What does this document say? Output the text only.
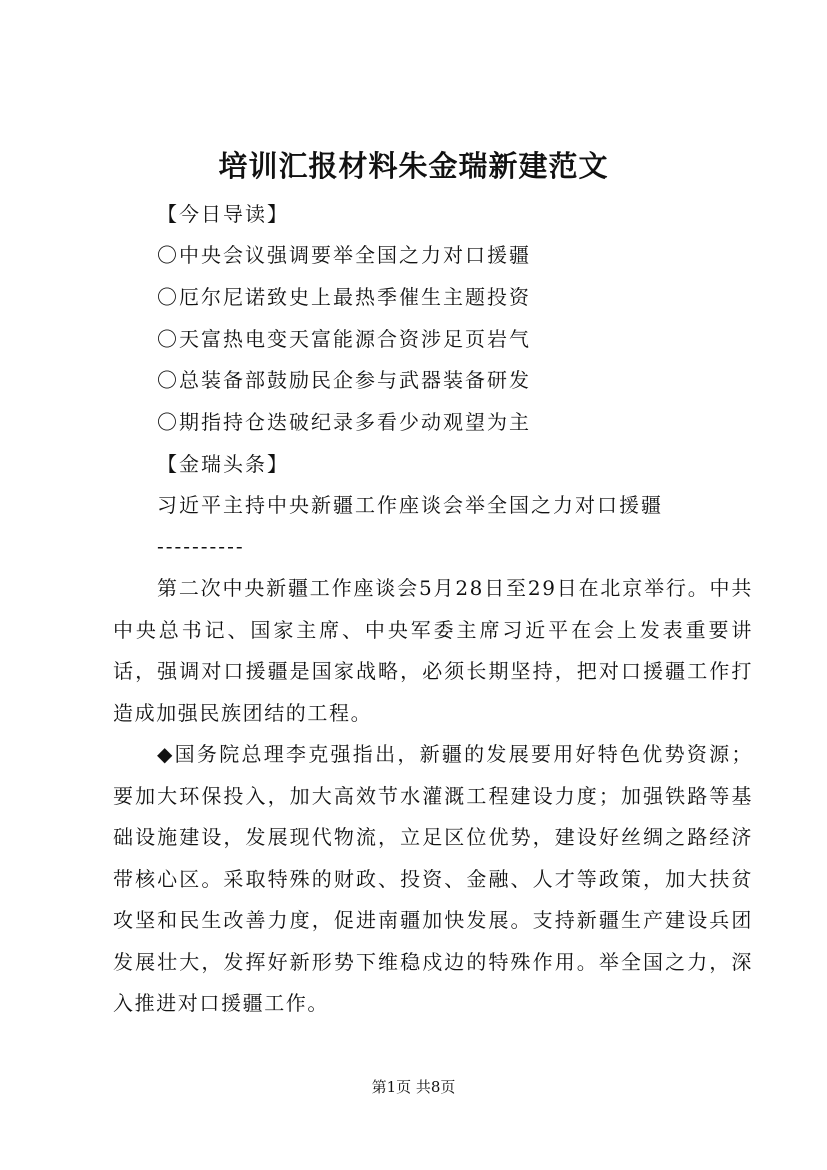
培训汇报材料朱金瑞新建范文
【今日导读】
〇中央会议强调要举全国之力对口援疆
〇厄尔尼诺致史上最热季催生主题投资
〇天富热电变天富能源合资涉足页岩气
〇总装备部鼓励民企参与武器装备研发
〇期指持仓迭破纪录多看少动观望为主
【金瑞头条】
习近平主持中央新疆工作座谈会举全国之力对口援疆
----------

第二次中央新疆工作座谈会5月28日至29日在北京举行。中共中央总书记、国家主席、中央军委主席习近平在会上发表重要讲话，强调对口援疆是国家战略，必须长期坚持，把对口援疆工作打造成加强民族团结的工程。

◆国务院总理李克强指出，新疆的发展要用好特色优势资源；要加大环保投入，加大高效节水灌溉工程建设力度；加强铁路等基础设施建设，发展现代物流，立足区位优势，建设好丝绸之路经济带核心区。采取特殊的财政、投资、金融、人才等政策，加大扶贫攻坚和民生改善力度，促进南疆加快发展。支持新疆生产建设兵团发展壮大，发挥好新形势下维稳戍边的特殊作用。举全国之力，深入推进对口援疆工作。

第1页 共8页
